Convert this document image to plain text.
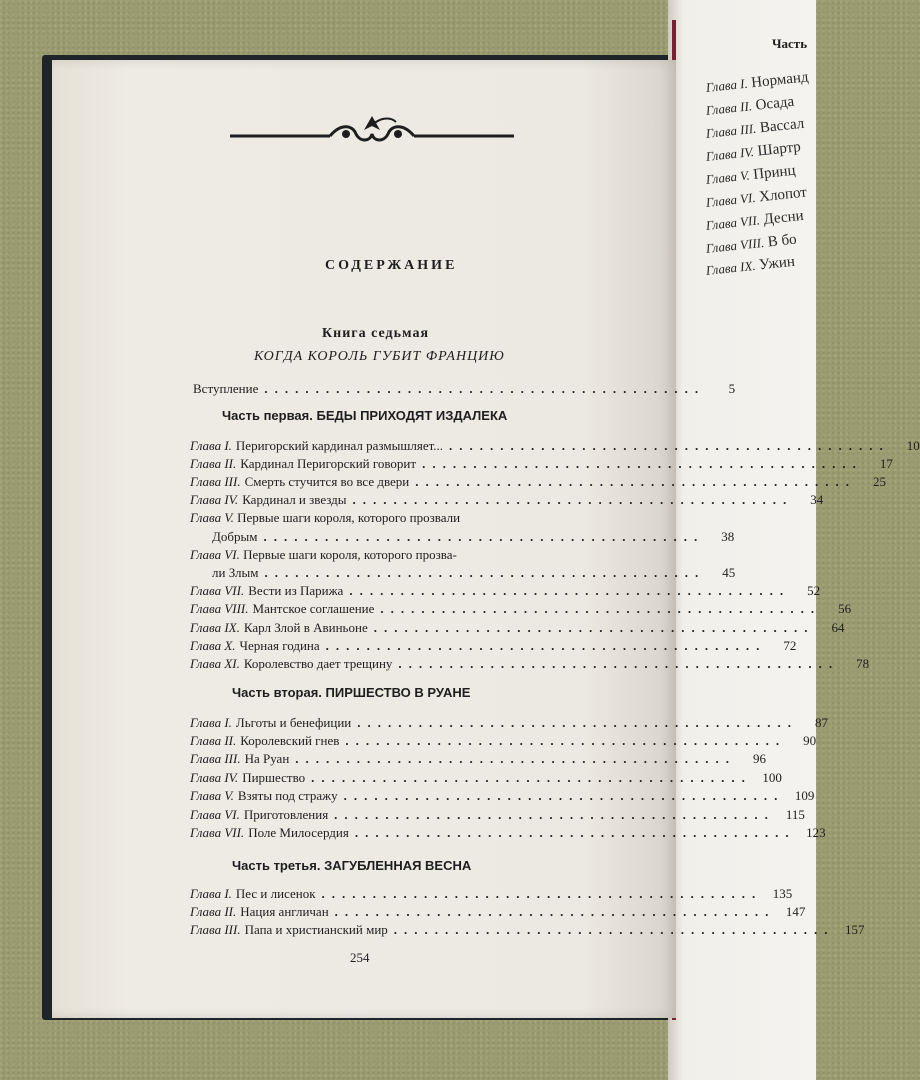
СОДЕРЖАНИЕ
Книга седьмая
КОГДА КОРОЛЬ ГУБИТ ФРАНЦИЮ
Вступление ...........................................	5
Часть первая. БЕДЫ ПРИХОДЯТ ИЗДАЛЕКА
Глава I. Перигорский кардинал размышляет... ...........................................	10
Глава II. Кардинал Перигорский говорит ...........................................	17
Глава III. Смерть стучится во все двери ...........................................	25
Глава IV. Кардинал и звезды ...........................................	34
Глава V. Первые шаги короля, которого прозвали
Добрым ...........................................	38
Глава VI. Первые шаги короля, которого прозва-
ли Злым ...........................................	45
Глава VII. Вести из Парижа ...........................................	52
Глава VIII. Мантское соглашение ...........................................	56
Глава IX. Карл Злой в Авиньоне ...........................................	64
Глава X. Черная година ...........................................	72
Глава XI. Королевство дает трещину ...........................................	78
Часть вторая. ПИРШЕСТВО В РУАНЕ
Глава I. Льготы и бенефиции ...........................................	87
Глава II. Королевский гнев ...........................................	90
Глава III. На Руан ...........................................	96
Глава IV. Пиршество ........................................... 100
Глава V. Взяты под стражу ........................................... 109
Глава VI. Приготовления ........................................... 115
Глава VII. Поле Милосердия ........................................... 123
Часть третья. ЗАГУБЛЕННАЯ ВЕСНА
Глава I. Пес и лисенок ........................................... 135
Глава II. Нация англичан ........................................... 147
Глава III. Папа и христианский мир ........................................... 157
254
Часть
Глава I. Норманд
Глава II. Осада
Глава III. Вассал
Глава IV. Шартр
Глава V. Принц
Глава VI. Хлопот
Глава VII. Десни
Глава VIII. В бо
Глава IX. Ужин
